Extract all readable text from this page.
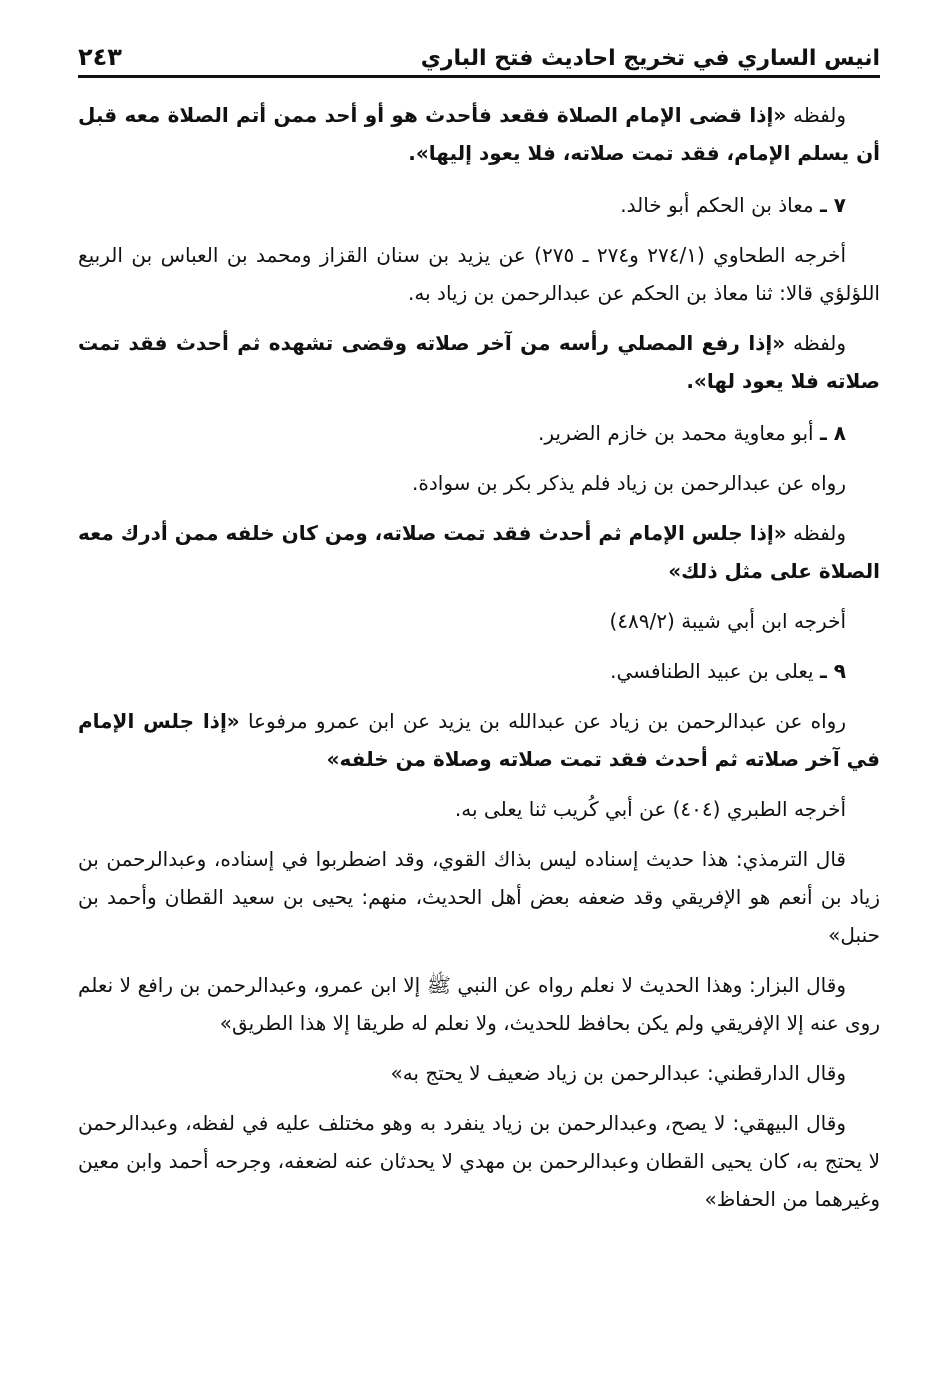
انيس الساري في تخريج احاديث فتح الباري
٢٤٣

ولفظه «إذا قضى الإمام الصلاة فقعد فأحدث هو أو أحد ممن أتم الصلاة معه قبل أن يسلم الإمام، فقد تمت صلاته، فلا يعود إليها».

٧ ـ معاذ بن الحكم أبو خالد.

أخرجه الطحاوي (٢٧٤/١ و٢٧٤ ـ ٢٧٥) عن يزيد بن سنان القزاز ومحمد بن العباس بن الربيع اللؤلؤي قالا: ثنا معاذ بن الحكم عن عبدالرحمن بن زياد به.

ولفظه «إذا رفع المصلي رأسه من آخر صلاته وقضى تشهده ثم أحدث فقد تمت صلاته فلا يعود لها».

٨ ـ أبو معاوية محمد بن خازم الضرير.

رواه عن عبدالرحمن بن زياد فلم يذكر بكر بن سوادة.

ولفظه «إذا جلس الإمام ثم أحدث فقد تمت صلاته، ومن كان خلفه ممن أدرك معه الصلاة على مثل ذلك»

أخرجه ابن أبي شيبة (٤٨٩/٢)

٩ ـ يعلى بن عبيد الطنافسي.

رواه عن عبدالرحمن بن زياد عن عبدالله بن يزيد عن ابن عمرو مرفوعا «إذا جلس الإمام في آخر صلاته ثم أحدث فقد تمت صلاته وصلاة من خلفه»

أخرجه الطبري (٤٠٤) عن أبي كُريب ثنا يعلى به.

قال الترمذي: هذا حديث إسناده ليس بذاك القوي، وقد اضطربوا في إسناده، وعبدالرحمن بن زياد بن أنعم هو الإفريقي وقد ضعفه بعض أهل الحديث، منهم: يحيى بن سعيد القطان وأحمد بن حنبل»

وقال البزار: وهذا الحديث لا نعلم رواه عن النبي ﷺ إلا ابن عمرو، وعبدالرحمن بن رافع لا نعلم روى عنه إلا الإفريقي ولم يكن بحافظ للحديث، ولا نعلم له طريقا إلا هذا الطريق»

وقال الدارقطني: عبدالرحمن بن زياد ضعيف لا يحتج به»

وقال البيهقي: لا يصح، وعبدالرحمن بن زياد ينفرد به وهو مختلف عليه في لفظه، وعبدالرحمن لا يحتج به، كان يحيى القطان وعبدالرحمن بن مهدي لا يحدثان عنه لضعفه، وجرحه أحمد وابن معين وغيرهما من الحفاظ»
